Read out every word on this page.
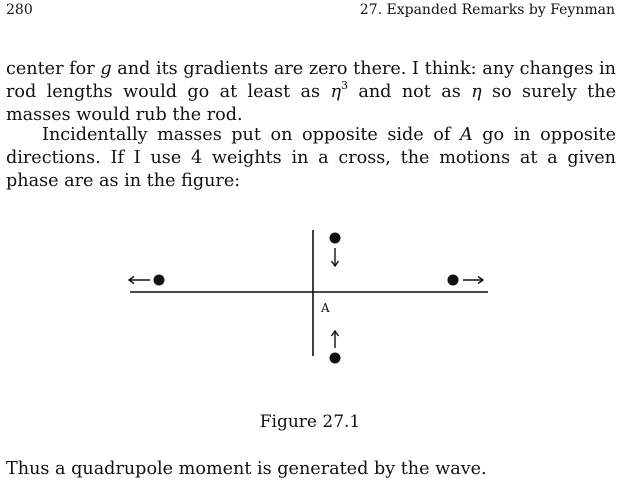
280	27. Expanded Remarks by Feynman

center for g and its gradients are zero there. I think: any changes in rod lengths would go at least as $\eta^3$ and not as η so surely the masses would rub the rod.

Incidentally masses put on opposite side of A go in opposite directions. If I use 4 weights in a cross, the motions at a given phase are as in the figure:

A
Figure 27.1

Thus a quadrupole moment is generated by the wave.
